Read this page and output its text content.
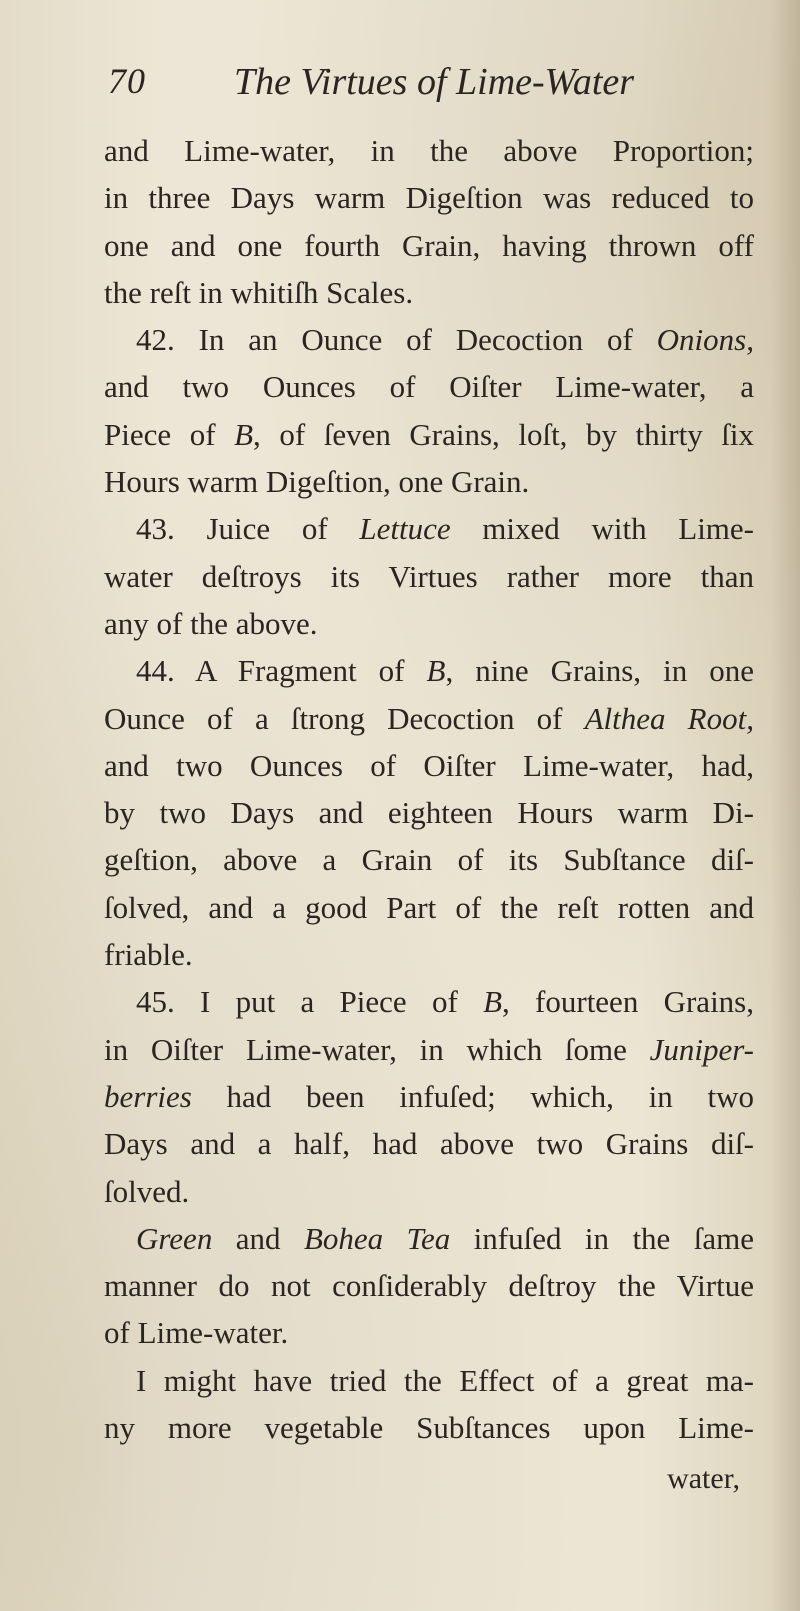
70 The Virtues of Lime-Water
and Lime-water, in the above Proportion;
in three Days warm Digeſtion was reduced to
one and one fourth Grain, having thrown off
the reſt in whitiſh Scales.
42. In an Ounce of Decoction of Onions,
and two Ounces of Oiſter Lime-water, a
Piece of B, of ſeven Grains, loſt, by thirty ſix
Hours warm Digeſtion, one Grain.
43. Juice of Lettuce mixed with Lime-
water deſtroys its Virtues rather more than
any of the above.
44. A Fragment of B, nine Grains, in one
Ounce of a ſtrong Decoction of Althea Root,
and two Ounces of Oiſter Lime-water, had,
by two Days and eighteen Hours warm Di-
geſtion, above a Grain of its Subſtance diſ-
ſolved, and a good Part of the reſt rotten and
friable.
45. I put a Piece of B, fourteen Grains,
in Oiſter Lime-water, in which ſome Juniper-
berries had been infuſed; which, in two
Days and a half, had above two Grains diſ-
ſolved.
Green and Bohea Tea infuſed in the ſame
manner do not conſiderably deſtroy the Virtue
of Lime-water.
I might have tried the Effect of a great ma-
ny more vegetable Subſtances upon Lime-
water,
